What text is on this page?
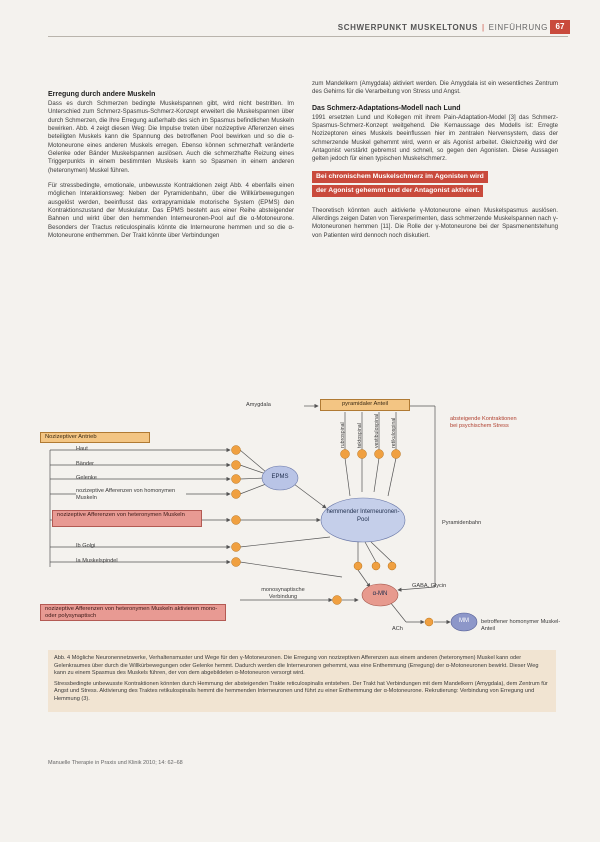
SCHWERPUNKT MUSKELTONUS | EINFÜHRUNG 67
Erregung durch andere Muskeln

Dass es durch Schmerzen bedingte Muskelspannen gibt, wird nicht bestritten. Im Unterschied zum Schmerz-Spasmus-Schmerz-Konzept erweitert die Muskelspannen über durch Schmerzen, die Ihre Erregung außerhalb des sich im Spasmus befindlichen Muskeln bewirken. Abb. 4 zeigt diesen Weg: Die Impulse treten über nozizeptive Afferenzen eines beteiligten Muskels kann die Spannung des betroffenen Pool bewirken und so die α-Motoneurone eines anderen Muskels erregen. Ebenso können schmerzhaft veränderte Gelenke oder Bänder Muskelspannen auslösen. Auch die schmerzhafte Reizung eines Triggerpunkts in einem bestimmten Muskels kann so Spasmen in einem anderen (heteronymen) Muskel führen.

Für stressbedingte, emotionale, unbewusste Kontraktionen zeigt Abb. 4 ebenfalls einen möglichen Interaktionsweg: Neben der Pyramidenbahn, über die Willkürbewegungen ausgelöst werden, beeinflusst das extrapyramidale motorische System (EPMS) den Kontraktionszustand der Muskulatur. Das EPMS besteht aus einer Reihe absteigender Bahnen und wirkt über den hemmenden Interneuronen-Pool auf die α-Motoneurone. Besonders der Tractus reticulospinalis könnte die Interneurone hemmen und so die α-Motoneurone enthemmen. Der Trakt könnte über Verbindungen

zum Mandelkern (Amygdala) aktiviert werden. Die Amygdala ist ein wesentliches Zentrum des Gehirns für die Verarbeitung von Stress und Angst.

Das Schmerz-Adaptations-Modell nach Lund

1991 ersetzten Lund und Kollegen mit ihrem Pain-Adaptation-Model [3] das Schmerz-Spasmus-Schmerz-Konzept weitgehend. Die Kernaussage des Modells ist: Erregte Nozizeptoren eines Muskels beeinflussen hier im zentralen Nervensystem, dass der schmerzende Muskel gehemmt wird, wenn er als Agonist arbeitet. Gleichzeitig wird der Antagonist verstärkt gebremst und schnell, so gegen den Agonisten. Diese Aussagen gelten jedoch für einen typischen Muskelschmerz.

Bei chronischem Muskelschmerz im Agonisten wird
der Agonist gehemmt und der Antagonist aktiviert.

Theoretisch könnten auch aktivierte γ-Motoneurone einen Muskelspasmus auslösen. Allerdings zeigen Daten von Tierexperimenten, dass schmerzende Muskelspannen nach γ-Motoneuronen hemmen [11]. Die Rolle der γ-Motoneurone bei der Spasmenentstehung von Patienten wird dennoch noch diskutiert.

Amygdala	pyramidaler Anteil
absteigende Kontraktionen bei psychischem Stress
Nozizeptiver Antrieb
Haut
Bänder
Gelenke
nozizeptive Afferenzen von homonymen Muskeln
nozizeptive Afferenzen von heteronymen Muskeln
Ib Golgi
Ia Muskelspindel
EPMS
rubrospinal tektospinal vestibulospinal retikulospinal
hemmender Interneuronen-Pool
Pyramidenbahn
monosynaptische Verbindung	α-MN
GABA, Glycin
ACh
MM	betroffener homonymer Muskel-Anteil
nozizeptive Afferenzen von heteronymen Muskeln aktivieren mono- oder polysynaptisch

Abb. 4 Mögliche Neuronennetzwerke, Verhaltensmuster und Wege für den γ-Motoneuronen. Die Erregung von nozizeptiven Afferenzen aus einem anderen (heteronymen) Muskel kann oder Gelenkraumes über durch die Willkürbewegungen oder Gelenke hemmt. Dadurch werden die Interneuronen gehemmt, was eine Enthemmung (Erregung) der α-Motoneuronen bewirkt. Dieser Weg kann zu einem Spasmus des Muskels führen, der von dem abgebildeten α-Motoneuron versorgt wird.

Stressbedingte unbewusste Kontraktionen könnten durch Hemmung der absteigenden Trakte reticulospinalis entstehen. Der Trakt hat Verbindungen mit dem Mandelkern (Amygdala), dem Zentrum für Angst und Stress. Aktivierung des Traktes retikulospinalis hemmt die hemmenden Interneuronen und führt zu einer Enthemmung der α-Motoneurone. Rekrutierung: Verbindung von Erregung und Hemmung (3).

Manuelle Therapie in Praxis und Klinik 2010; 14: 62–68
